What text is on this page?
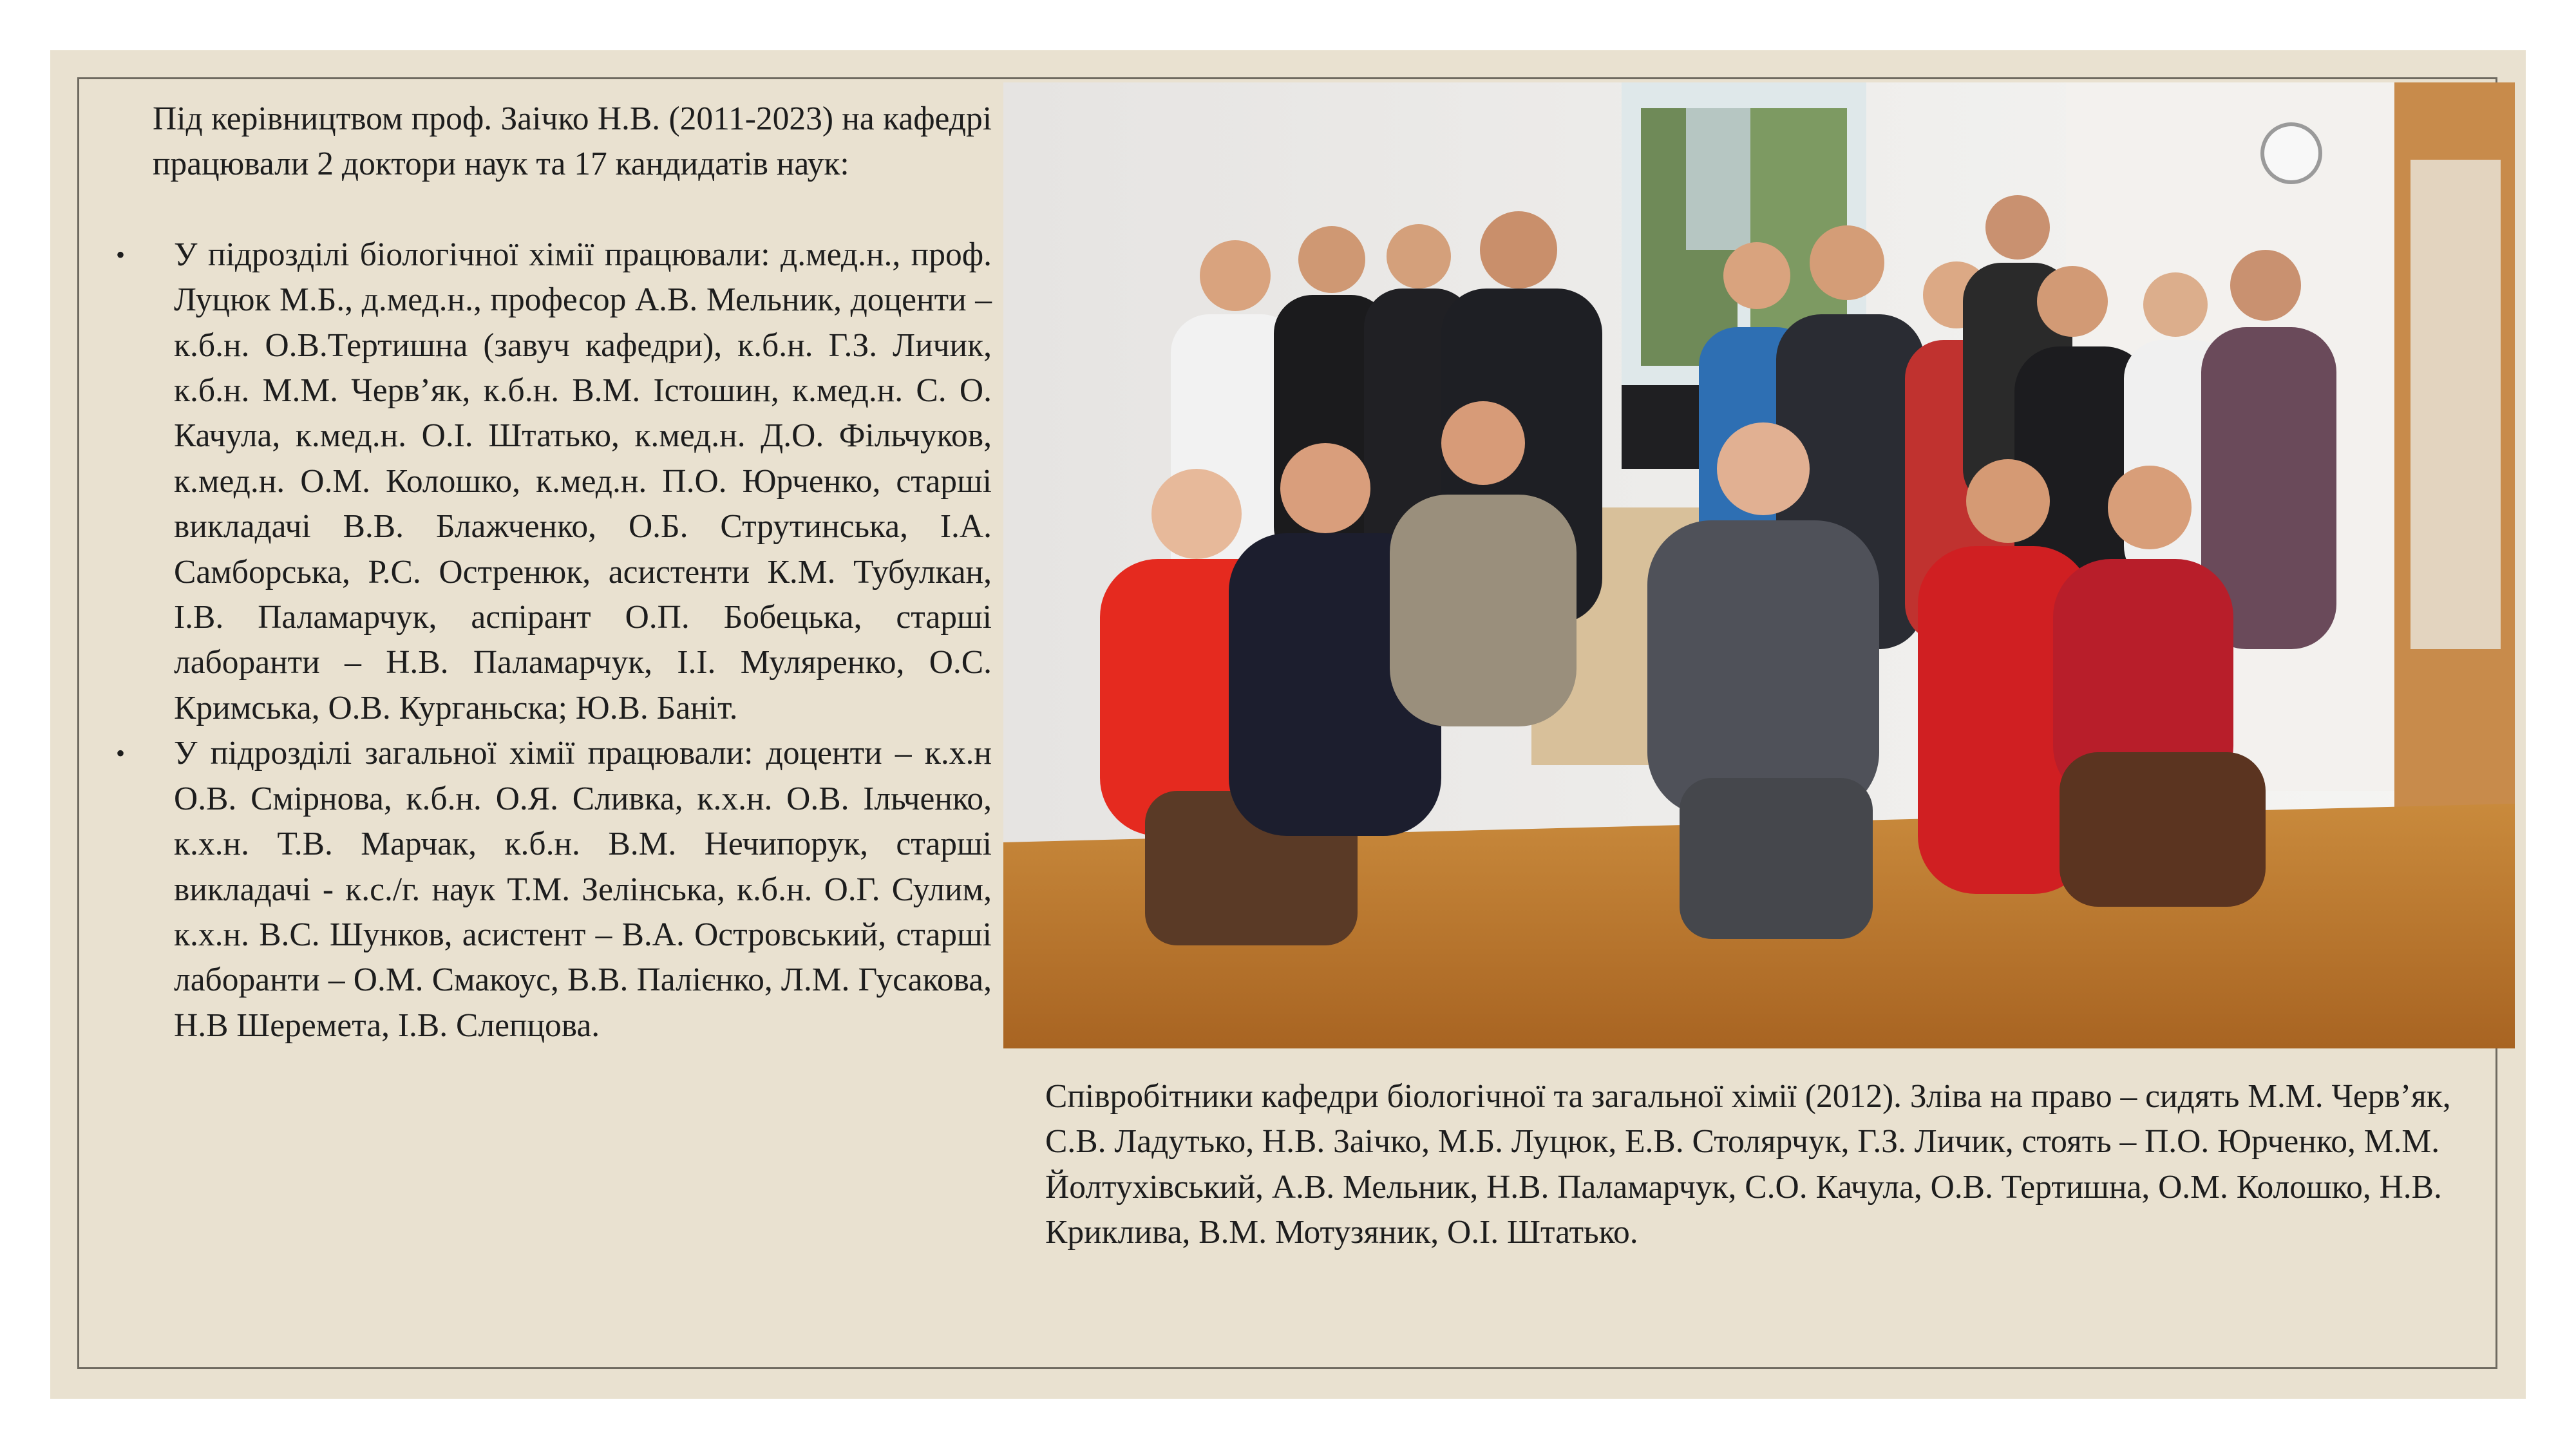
Під керівництвом проф. Заічко Н.В. (2011-2023) на кафедрі працювали 2 доктори наук та 17 кандидатів наук:

• У підрозділі біологічної хімії працювали: д.мед.н., проф. Луцюк М.Б., д.мед.н., професор А.В. Мельник, доценти – к.б.н. О.В.Тертишна (завуч кафедри), к.б.н. Г.З. Личик, к.б.н. М.М. Черв’як, к.б.н. В.М. Істошин, к.мед.н. С. О. Качула, к.мед.н. О.І. Штатько, к.мед.н. Д.О. Фільчуков, к.мед.н. О.М. Колошко, к.мед.н. П.О. Юрченко, старші викладачі В.В. Блажченко, О.Б. Струтинська, І.А. Самборська, Р.С. Остренюк, асистенти К.М. Тубулкан, І.В. Паламарчук, аспірант О.П. Бобецька, старші лаборанти – Н.В. Паламарчук, І.І. Муляренко, О.С. Кримська, О.В. Курганьска; Ю.В. Баніт.
• У підрозділі загальної хімії працювали: доценти – к.х.н О.В. Смірнова, к.б.н. О.Я. Сливка, к.х.н. О.В. Ільченко, к.х.н. Т.В. Марчак, к.б.н. В.М. Нечипорук, старші викладачі - к.с./г. наук Т.М. Зелінська, к.б.н. О.Г. Сулим, к.х.н. В.С. Шунков, асистент – В.А. Островський, старші лаборанти – О.М. Смакоус, В.В. Палієнко, Л.М. Гусакова, Н.В Шеремета, І.В. Слепцова.

Співробітники кафедри біологічної та загальної хімії (2012). Зліва на право – сидять М.М. Черв’як, С.В. Ладутько, Н.В. Заічко, М.Б. Луцюк, Е.В. Столярчук, Г.З. Личик, стоять – П.О. Юрченко, М.М. Йолтухівський, А.В. Мельник, Н.В. Паламарчук, С.О. Качула, О.В. Тертишна, О.М. Колошко, Н.В. Криклива, В.М. Мотузяник, О.І. Штатько.
